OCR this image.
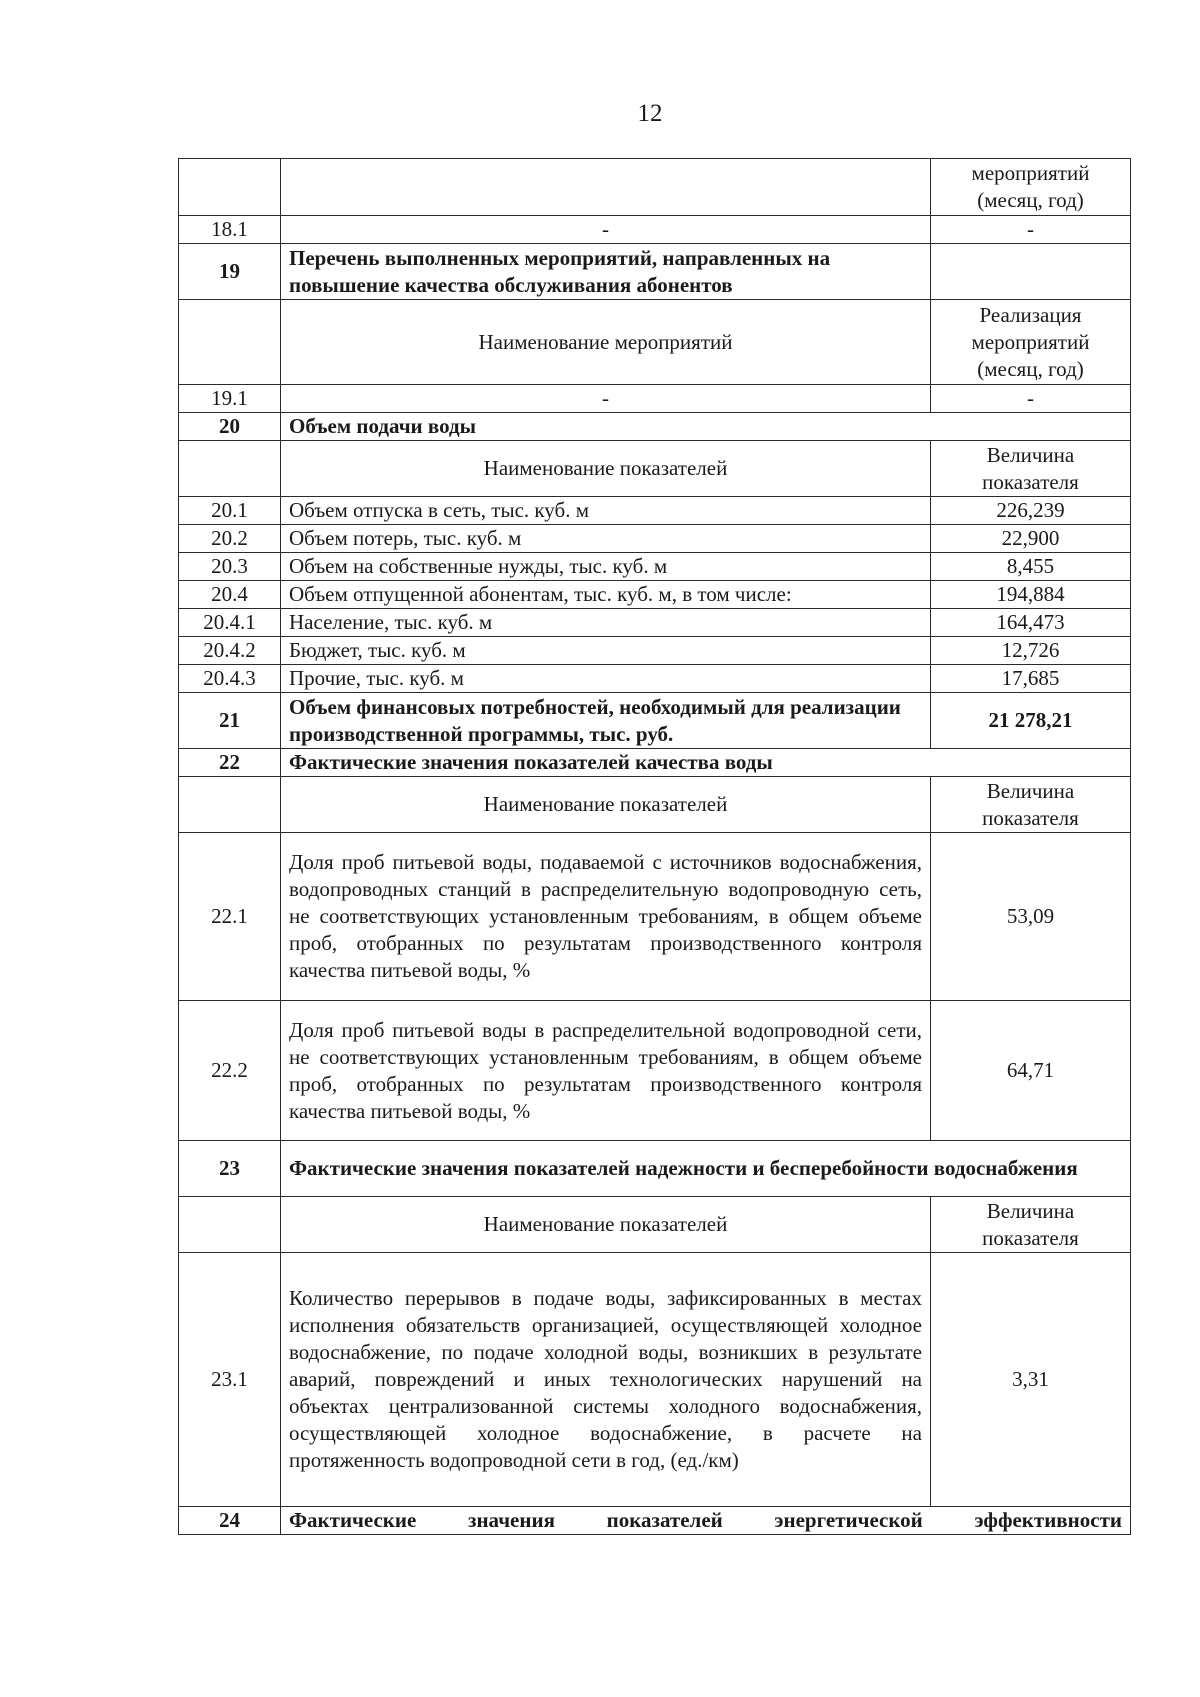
12
		мероприятий (месяц, год)
18.1	-	-
19	Перечень выполненных мероприятий, направленных на повышение качества обслуживания абонентов	
	Наименование мероприятий	Реализация мероприятий (месяц, год)
19.1	-	-
20	Объем подачи воды	
	Наименование показателей	Величина показателя
20.1	Объем отпуска в сеть, тыс. куб. м	226,239
20.2	Объем потерь, тыс. куб. м	22,900
20.3	Объем на собственные нужды, тыс. куб. м	8,455
20.4	Объем отпущенной абонентам, тыс. куб. м, в том числе:	194,884
20.4.1	Население, тыс. куб. м	164,473
20.4.2	Бюджет, тыс. куб. м	12,726
20.4.3	Прочие, тыс. куб. м	17,685
21	Объем финансовых потребностей, необходимый для реализации производственной программы, тыс. руб.	21 278,21
22	Фактические значения показателей качества воды	
	Наименование показателей	Величина показателя
22.1	Доля проб питьевой воды, подаваемой с источников водоснабжения, водопроводных станций в распределительную водопроводную сеть, не соответствующих установленным требованиям, в общем объеме проб, отобранных по результатам производственного контроля качества питьевой воды, %	53,09
22.2	Доля проб питьевой воды в распределительной водопроводной сети, не соответствующих установленным требованиям, в общем объеме проб, отобранных по результатам производственного контроля качества питьевой воды, %	64,71
23	Фактические значения показателей надежности и бесперебойности водоснабжения	
	Наименование показателей	Величина показателя
23.1	Количество перерывов в подаче воды, зафиксированных в местах исполнения обязательств организацией, осуществляющей холодное водоснабжение, по подаче холодной воды, возникших в результате аварий, повреждений и иных технологических нарушений на объектах централизованной системы холодного водоснабжения, осуществляющей холодное водоснабжение, в расчете на протяженность водопроводной сети в год, (ед./км)	3,31
24	Фактические значения показателей энергетической эффективности	
